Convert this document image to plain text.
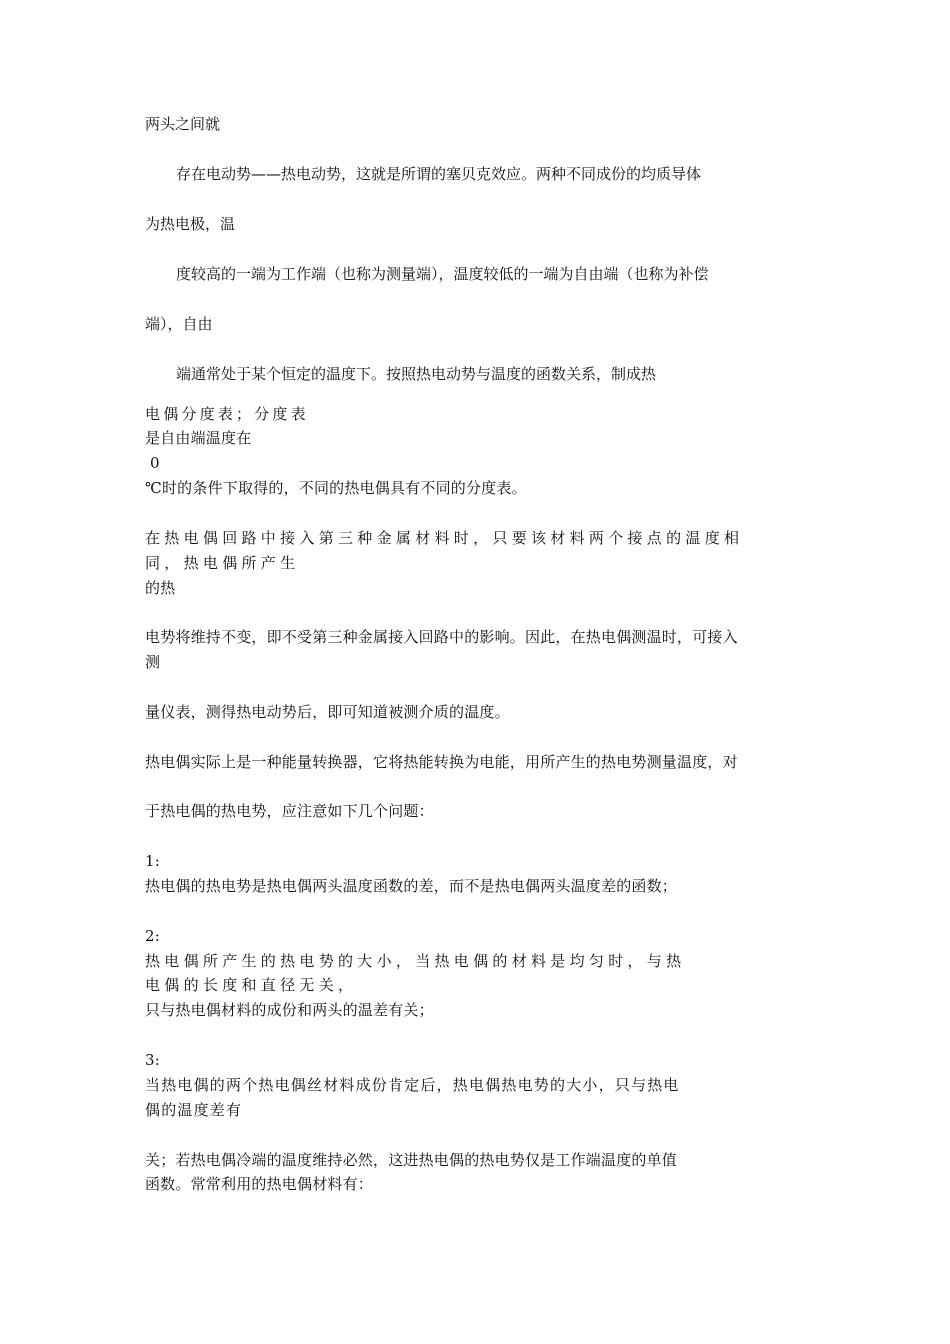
两头之间就
存在电动势——热电动势，这就是所谓的塞贝克效应。两种不同成份的均质导体
为热电极，温
度较高的一端为工作端（也称为测量端），温度较低的一端为自由端（也称为补偿
端），自由
端通常处于某个恒定的温度下。按照热电动势与温度的函数关系，制成热
电偶分度表；分度表
是自由端温度在
0
℃时的条件下取得的，不同的热电偶具有不同的分度表。
在热电偶回路中接入第三种金属材料时，只要该材料两个接点的温度相
同，热电偶所产生
的热
电势将维持不变，即不受第三种金属接入回路中的影响。因此，在热电偶测温时，可接入
测
量仪表，测得热电动势后，即可知道被测介质的温度。
热电偶实际上是一种能量转换器，它将热能转换为电能，用所产生的热电势测量温度，对
于热电偶的热电势，应注意如下几个问题：
1:
热电偶的热电势是热电偶两头温度函数的差，而不是热电偶两头温度差的函数；
2:
热电偶所产生的热电势的大小，当热电偶的材料是均匀时，与热
电偶的长度和直径无关，
只与热电偶材料的成份和两头的温差有关；
3:
当热电偶的两个热电偶丝材料成份肯定后，热电偶热电势的大小，只与热电
偶的温度差有
关；若热电偶冷端的温度维持必然，这进热电偶的热电势仅是工作端温度的单值
函数。常常利用的热电偶材料有：
